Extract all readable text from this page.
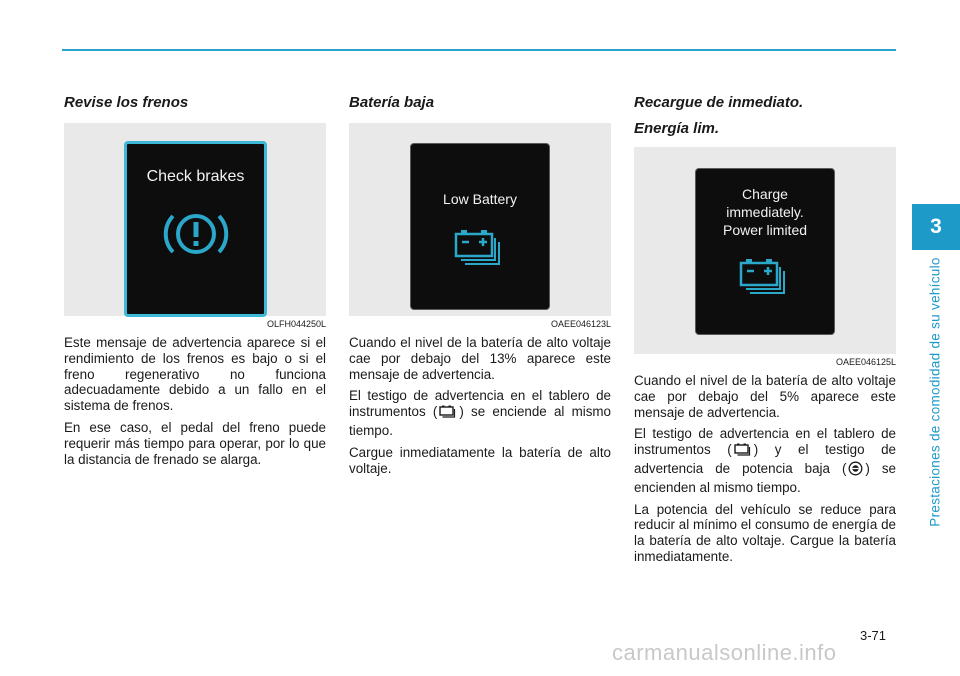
3
Prestaciones de comodidad de su vehículo
Revise los frenos
Check brakes
OLFH044250L

Este mensaje de advertencia aparece si el rendimiento de los frenos es bajo o si el freno regenerativo no funciona adecuadamente debido a un fallo en el sistema de frenos.

En ese caso, el pedal del freno puede requerir más tiempo para operar, por lo que la distancia de frenado se alarga.

Batería baja
Low Battery
OAEE046123L

Cuando el nivel de la batería de alto voltaje cae por debajo del 13% aparece este mensaje de advertencia.

El testigo de advertencia en el tablero de instrumentos ( ) se enciende al mismo tiempo.

Cargue inmediatamente la batería de alto voltaje.

Recargue de inmediato.
Energía lim.
Charge
immediately.
Power limited
OAEE046125L

Cuando el nivel de la batería de alto voltaje cae por debajo del 5% aparece este mensaje de advertencia.

El testigo de advertencia en el tablero de instrumentos ( ) y el testigo de advertencia de potencia baja ( ) se encienden al mismo tiempo.

La potencia del vehículo se reduce para reducir al mínimo el consumo de energía de la batería de alto voltaje. Cargue la batería inmediatamente.

3-71
carmanualsonline.info
